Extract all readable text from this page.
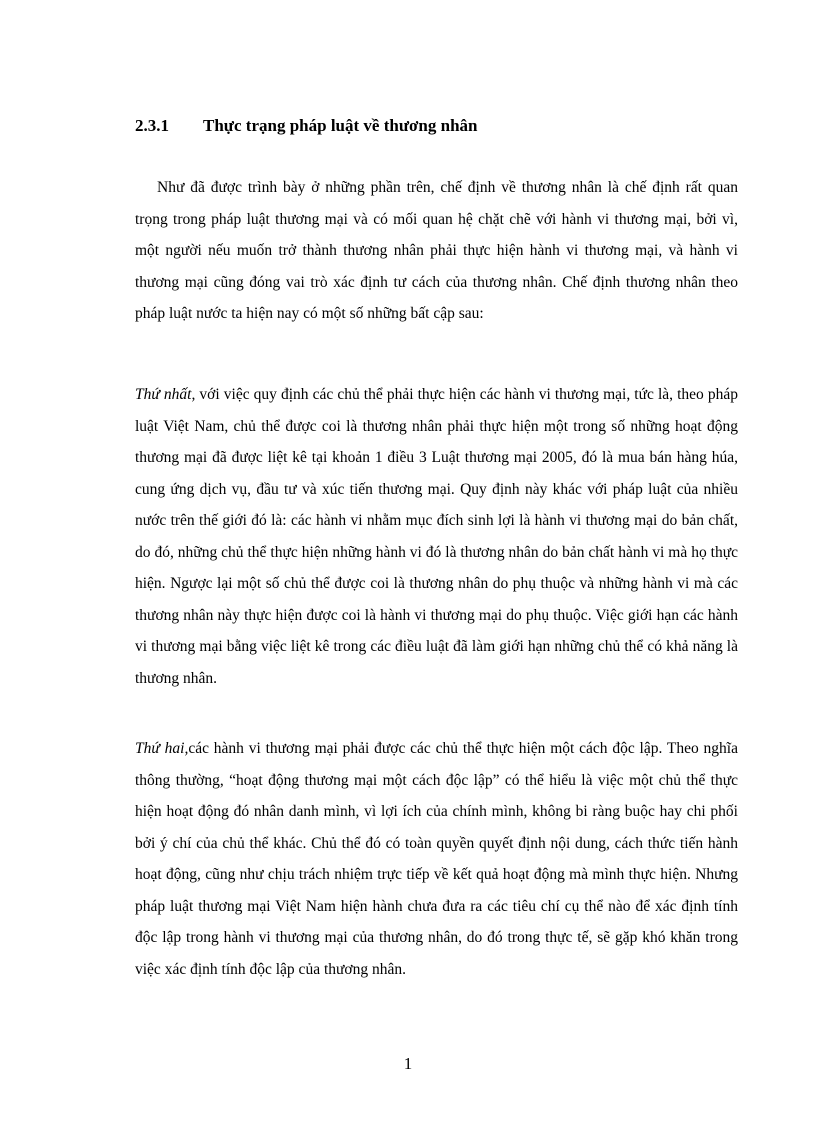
2.3.1 Thực trạng pháp luật về thương nhân

Như đã được trình bày ở những phần trên, chế định về thương nhân là chế định rất quan trọng trong pháp luật thương mại và có mối quan hệ chặt chẽ với hành vi thương mại, bởi vì, một người nếu muốn trở thành thương nhân phải thực hiện hành vi thương mại, và hành vi thương mại cũng đóng vai trò xác định tư cách của thương nhân. Chế định thương nhân theo pháp luật nước ta hiện nay có một số những bất cập sau:

Thứ nhất, với việc quy định các chủ thể phải thực hiện các hành vi thương mại, tức là, theo pháp luật Việt Nam, chủ thể được coi là thương nhân phải thực hiện một trong số những hoạt động thương mại đã được liệt kê tại khoản 1 điều 3 Luật thương mại 2005, đó là mua bán hàng húa, cung ứng dịch vụ, đầu tư và xúc tiến thương mại. Quy định này khác với pháp luật của nhiều nước trên thế giới đó là: các hành vi nhằm mục đích sinh lợi là hành vi thương mại do bản chất, do đó, những chủ thể thực hiện những hành vi đó là thương nhân do bản chất hành vi mà họ thực hiện. Ngược lại một số chủ thể được coi là thương nhân do phụ thuộc và những hành vi mà các thương nhân này thực hiện được coi là hành vi thương mại do phụ thuộc. Việc giới hạn các hành vi thương mại bằng việc liệt kê trong các điều luật đã làm giới hạn những chủ thể có khả năng là thương nhân.

Thứ hai,các hành vi thương mại phải được các chủ thể thực hiện một cách độc lập. Theo nghĩa thông thường, “hoạt động thương mại một cách độc lập” có thể hiểu là việc một chủ thể thực hiện hoạt động đó nhân danh mình, vì lợi ích của chính mình, không bi ràng buộc hay chi phối bởi ý chí của chủ thể khác. Chủ thể đó có toàn quyền quyết định nội dung, cách thức tiến hành hoạt động, cũng như chịu trách nhiệm trực tiếp về kết quả hoạt động mà mình thực hiện. Nhưng pháp luật thương mại Việt Nam hiện hành chưa đưa ra các tiêu chí cụ thể nào để xác định tính độc lập trong hành vi thương mại của thương nhân, do đó trong thực tế, sẽ gặp khó khăn trong việc xác định tính độc lập của thương nhân.

1
